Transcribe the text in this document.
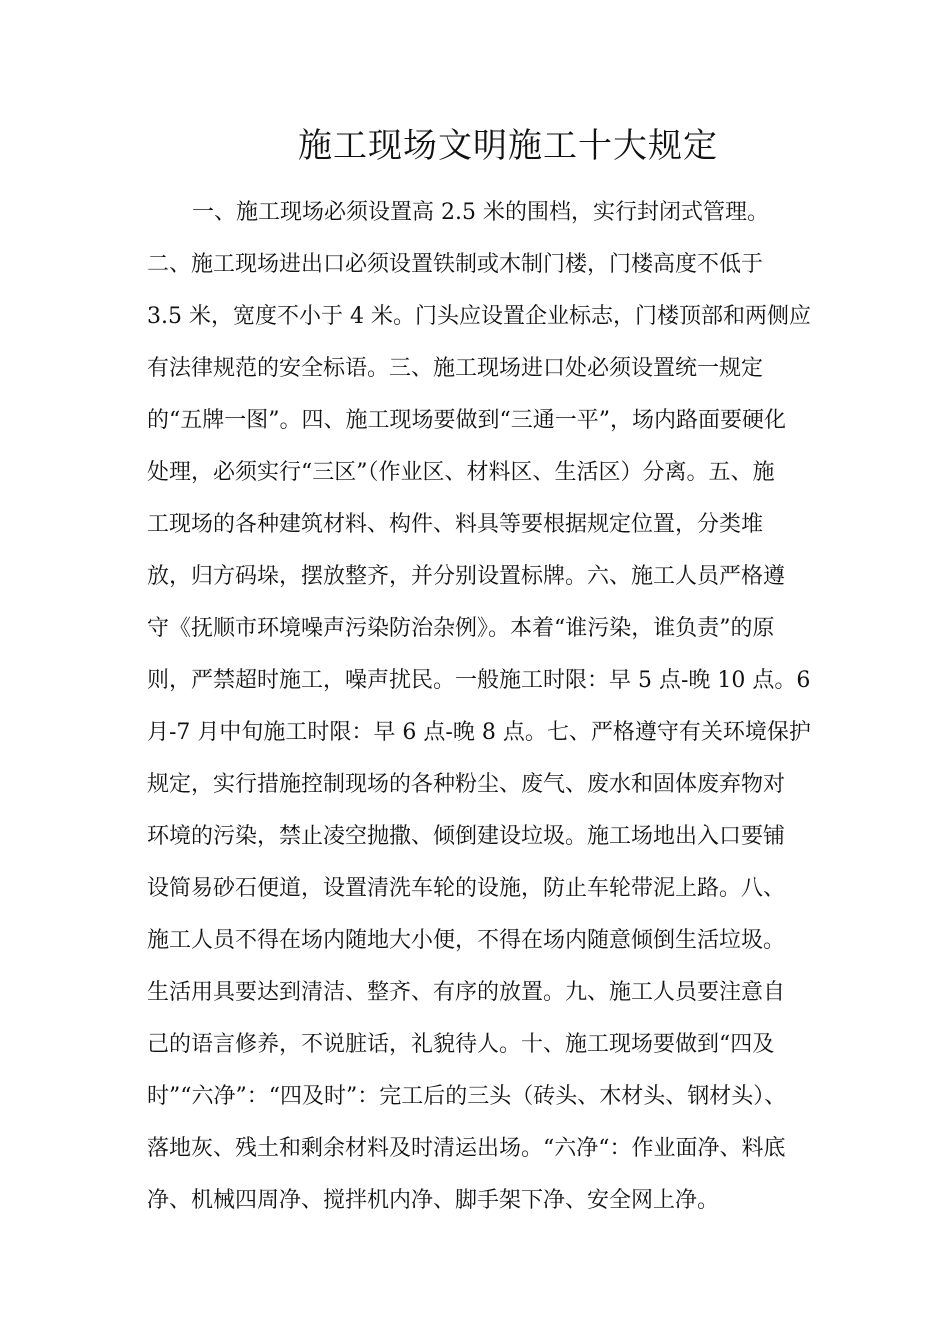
施工现场文明施工十大规定

一、施工现场必须设置高 2.5 米的围档，实行封闭式管理。

二、施工现场进出口必须设置铁制或木制门楼，门楼高度不低于

3.5 米，宽度不小于 4 米。门头应设置企业标志，门楼顶部和两侧应

有法律规范的安全标语。三、施工现场进口处必须设置统一规定

的“五牌一图”。四、施工现场要做到“三通一平”，场内路面要硬化

处理，必须实行“三区”（作业区、材料区、生活区）分离。五、施

工现场的各种建筑材料、构件、料具等要根据规定位置，分类堆

放，归方码垛，摆放整齐，并分别设置标牌。六、施工人员严格遵

守《抚顺市环境噪声污染防治杂例》。本着“谁污染，谁负责”的原

则，严禁超时施工，噪声扰民。一般施工时限：早 5 点-晚 10 点。6

月-7 月中旬施工时限：早 6 点-晚 8 点。七、严格遵守有关环境保护

规定，实行措施控制现场的各种粉尘、废气、废水和固体废弃物对

环境的污染，禁止凌空抛撒、倾倒建设垃圾。施工场地出入口要铺

设简易砂石便道，设置清洗车轮的设施，防止车轮带泥上路。八、

施工人员不得在场内随地大小便，不得在场内随意倾倒生活垃圾。

生活用具要达到清洁、整齐、有序的放置。九、施工人员要注意自

己的语言修养，不说脏话，礼貌待人。十、施工现场要做到“四及

时”“六净”：“四及时”：完工后的三头（砖头、木材头、钢材头）、

落地灰、残土和剩余材料及时清运出场。“六净“：作业面净、料底

净、机械四周净、搅拌机内净、脚手架下净、安全网上净。
